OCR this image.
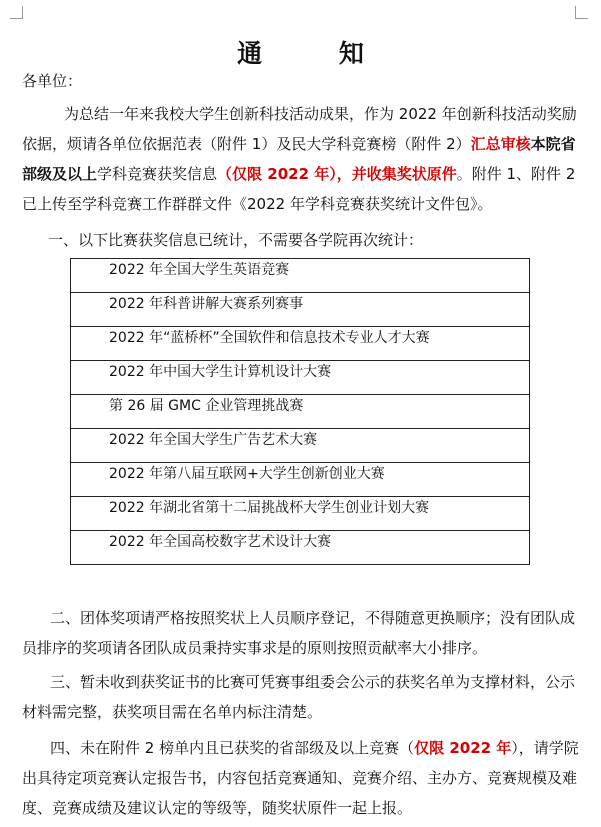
通 知

各单位：

为总结一年来我校大学生创新科技活动成果，作为 2022 年创新科技活动奖励依据，烦请各单位依据范表（附件 1）及民大学科竞赛榜（附件 2）汇总审核本院省部级及以上学科竞赛获奖信息（仅限 2022 年），并收集奖状原件。附件 1、附件 2 已上传至学科竞赛工作群群文件《2022 年学科竞赛获奖统计文件包》。

一、以下比赛获奖信息已统计，不需要各学院再次统计：

2022 年全国大学生英语竞赛
2022 年科普讲解大赛系列赛事
2022 年“蓝桥杯”全国软件和信息技术专业人才大赛
2022 年中国大学生计算机设计大赛
第 26 届 GMC 企业管理挑战赛
2022 年全国大学生广告艺术大赛
2022 年第八届互联网+大学生创新创业大赛
2022 年湖北省第十二届挑战杯大学生创业计划大赛
2022 年全国高校数字艺术设计大赛

二、团体奖项请严格按照奖状上人员顺序登记，不得随意更换顺序；没有团队成员排序的奖项请各团队成员秉持实事求是的原则按照贡献率大小排序。

三、暂未收到获奖证书的比赛可凭赛事组委会公示的获奖名单为支撑材料，公示材料需完整，获奖项目需在名单内标注清楚。

四、未在附件 2 榜单内且已获奖的省部级及以上竞赛（仅限 2022 年），请学院出具待定项竞赛认定报告书，内容包括竞赛通知、竞赛介绍、主办方、竞赛规模及难度、竞赛成绩及建议认定的等级等，随奖状原件一起上报。
